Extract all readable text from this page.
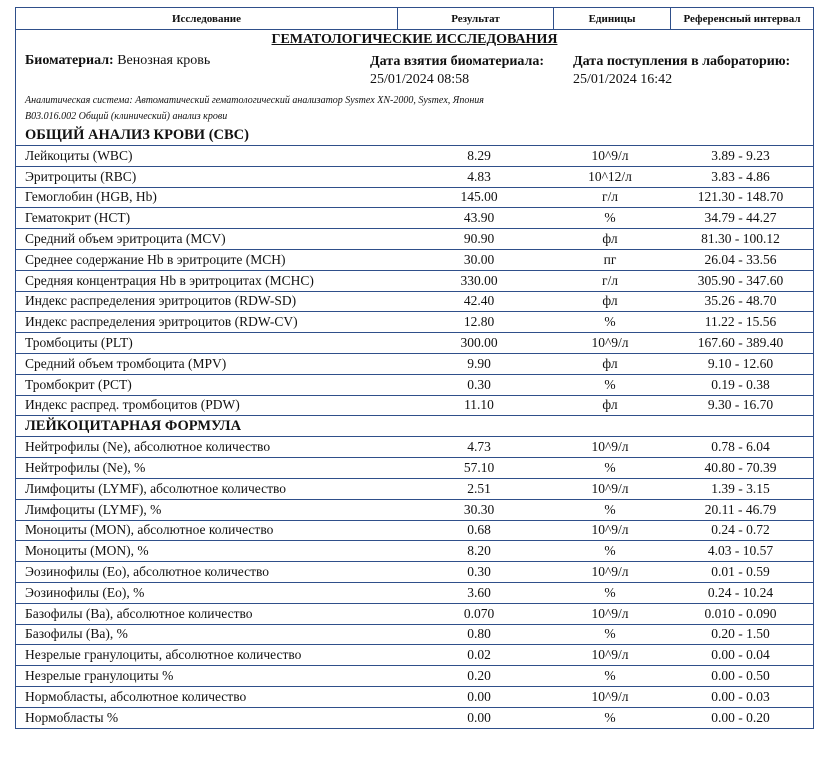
Исследование	Результат	Единицы	Референсный интервал
ГЕМАТОЛОГИЧЕСКИЕ ИССЛЕДОВАНИЯ
Биоматериал: Венозная кровь	Дата взятия биоматериала:
25/01/2024 08:58
Дата поступления в лабораторию:
25/01/2024 16:42
Аналитическая система: Автоматический гематологический анализатор Sysmex XN-2000, Sysmex, Япония
B03.016.002 Общий (клинический) анализ крови
ОБЩИЙ АНАЛИЗ КРОВИ (CBC)
Лейкоциты (WBC)	8.29	10^9/л	3.89 - 9.23
Эритроциты (RBC)	4.83	10^12/л	3.83 - 4.86
Гемоглобин (HGB, Hb)	145.00	г/л	121.30 - 148.70
Гематокрит (HCT)	43.90	%	34.79 - 44.27
Средний объем эритроцита (MCV)	90.90	фл	81.30 - 100.12
Среднее содержание Hb в эритроците (MCH)	30.00	пг	26.04 - 33.56
Средняя концентрация Hb в эритроцитах (MCHC)	330.00	г/л	305.90 - 347.60
Индекс распределения эритроцитов (RDW-SD)	42.40	фл	35.26 - 48.70
Индекс распределения эритроцитов (RDW-CV)	12.80	%	11.22 - 15.56
Тромбоциты (PLT)	300.00	10^9/л	167.60 - 389.40
Средний объем тромбоцита (MPV)	9.90	фл	9.10 - 12.60
Тромбокрит (PCT)	0.30	%	0.19 - 0.38
Индекс распред. тромбоцитов (PDW)	11.10	фл	9.30 - 16.70
ЛЕЙКОЦИТАРНАЯ ФОРМУЛА
Нейтрофилы (Ne), абсолютное количество	4.73	10^9/л	0.78 - 6.04
Нейтрофилы (Ne), %	57.10	%	40.80 - 70.39
Лимфоциты (LYMF), абсолютное количество	2.51	10^9/л	1.39 - 3.15
Лимфоциты (LYMF), %	30.30	%	20.11 - 46.79
Моноциты (MON), абсолютное количество	0.68	10^9/л	0.24 - 0.72
Моноциты (MON), %	8.20	%	4.03 - 10.57
Эозинофилы (Eo), абсолютное количество	0.30	10^9/л	0.01 - 0.59
Эозинофилы (Eo), %	3.60	%	0.24 - 10.24
Базофилы (Ba), абсолютное количество	0.070	10^9/л	0.010 - 0.090
Базофилы (Ba), %	0.80	%	0.20 - 1.50
Незрелые гранулоциты, абсолютное количество	0.02	10^9/л	0.00 - 0.04
Незрелые гранулоциты %	0.20	%	0.00 - 0.50
Нормобласты, абсолютное количество	0.00	10^9/л	0.00 - 0.03
Нормобласты %	0.00	%	0.00 - 0.20
